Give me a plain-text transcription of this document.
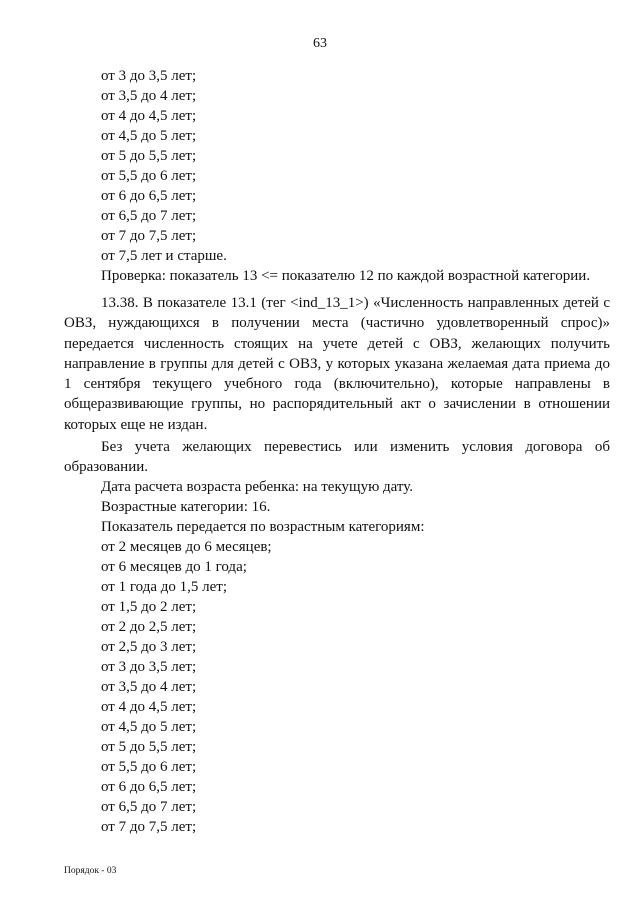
63
от 3 до 3,5 лет;
от 3,5 до 4 лет;
от 4 до 4,5 лет;
от 4,5 до 5 лет;
от 5 до 5,5 лет;
от 5,5 до 6 лет;
от 6 до 6,5 лет;
от 6,5 до 7 лет;
от 7 до 7,5 лет;
от 7,5 лет и старше.
Проверка: показатель 13 <= показателю 12 по каждой возрастной категории.

13.38. В показателе 13.1 (тег <ind_13_1>) «Численность направленных детей с ОВЗ, нуждающихся в получении места (частично удовлетворенный спрос)» передается численность стоящих на учете детей с ОВЗ, желающих получить направление в группы для детей с ОВЗ, у которых указана желаемая дата приема до 1 сентября текущего учебного года (включительно), которые направлены в общеразвивающие группы, но распорядительный акт о зачислении в отношении которых еще не издан.

Без учета желающих перевестись или изменить условия договора об образовании.

Дата расчета возраста ребенка: на текущую дату.
Возрастные категории: 16.
Показатель передается по возрастным категориям:
от 2 месяцев до 6 месяцев;
от 6 месяцев до 1 года;
от 1 года до 1,5 лет;
от 1,5 до 2 лет;
от 2 до 2,5 лет;
от 2,5 до 3 лет;
от 3 до 3,5 лет;
от 3,5 до 4 лет;
от 4 до 4,5 лет;
от 4,5 до 5 лет;
от 5 до 5,5 лет;
от 5,5 до 6 лет;
от 6 до 6,5 лет;
от 6,5 до 7 лет;
от 7 до 7,5 лет;
Порядок - 03
